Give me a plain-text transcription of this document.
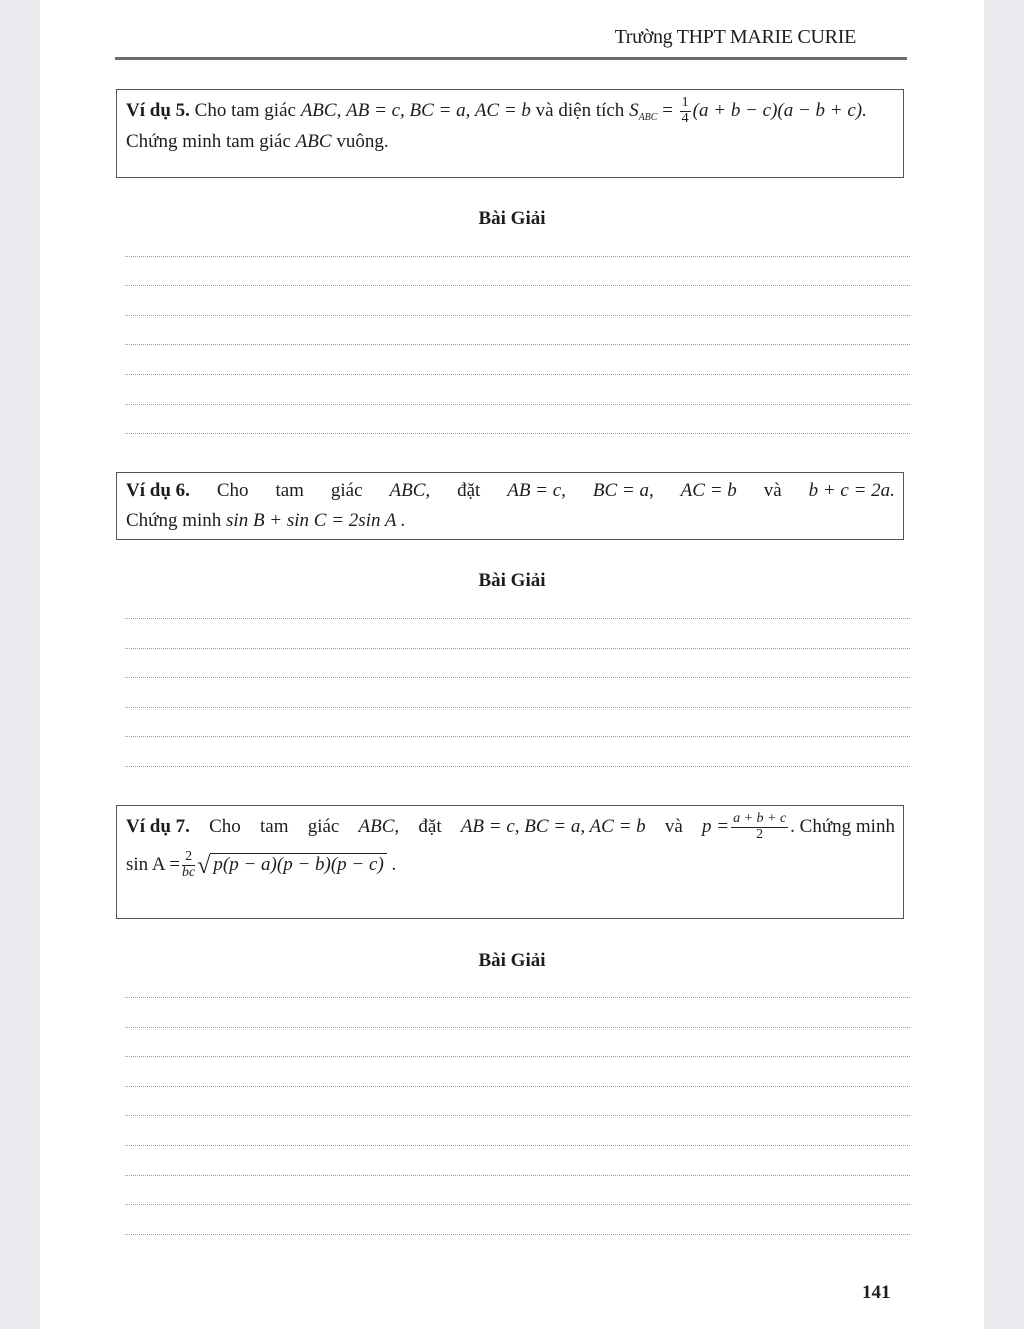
Trường THPT MARIE CURIE
Ví dụ 5. Cho tam giác ABC, AB = c, BC = a, AC = b và diện tích $S_{ABC} = \frac{1}{4} (a + b - c)(a - b + c)$.
Chứng minh tam giác ABC vuông.
Bài Giải
Ví dụ 6. Cho tam giác ABC, đặt AB = c, BC = a, AC = b và b + c = 2a.
Chứng minh sin B + sin C = 2sin A .
Bài Giải
Ví dụ 7. Cho tam giác ABC, đặt AB = c, BC = a, AC = b và $p = \frac{a + b + c}{2}$ . Chứng minh
$\sin A = \frac{2}{bc}$ √ p(p − a)(p − b)(p − c) .
Bài Giải
141
